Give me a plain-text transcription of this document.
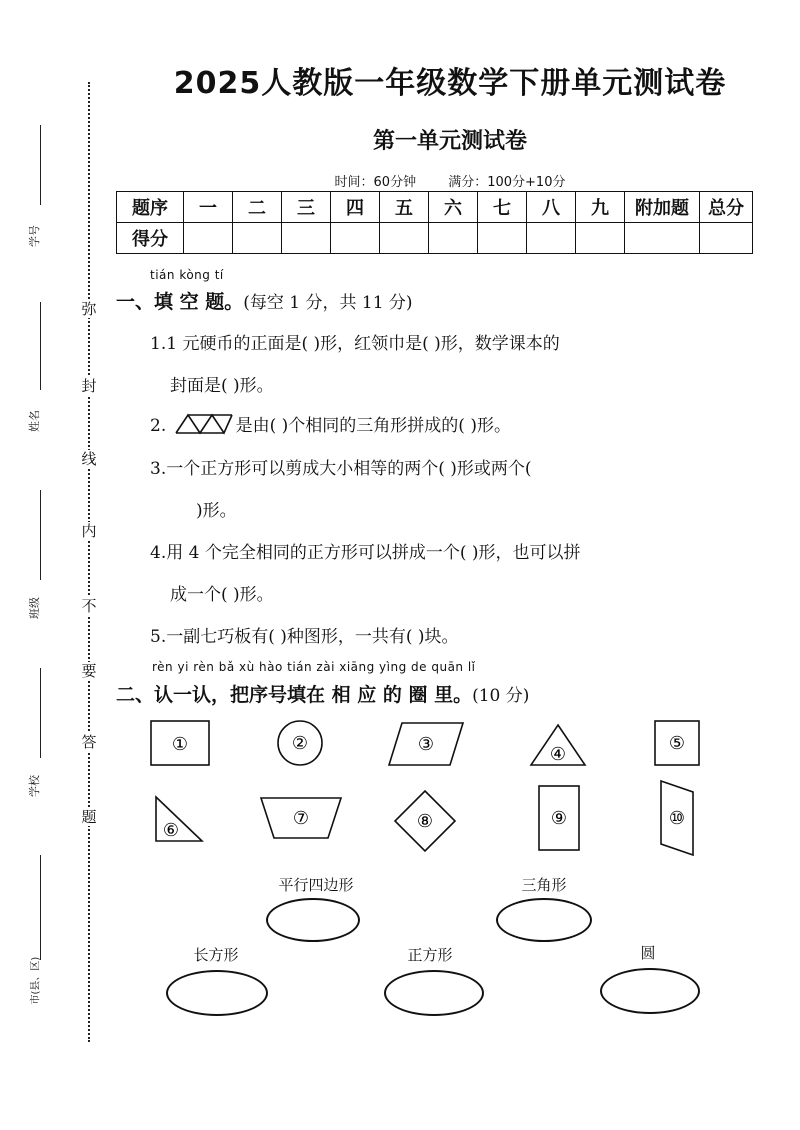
弥
封
线
内
不
要
答
题
学号
姓名
班级
学校
市(县、区)
2025人教版一年级数学下册单元测试卷
第一单元测试卷
时间：60分钟 满分：100分+10分
题序	一	二	三	四	五	六	七	八	九	附加题	总分
得分											
tián kòng tí
一、填 空 题。(每空 1 分，共 11 分)
1.1 元硬币的正面是( )形，红领巾是( )形，数学课本的
封面是( )形。
2.	是由( )个相同的三角形拼成的( )形。
3.一个正方形可以剪成大小相等的两个( )形或两个(
)形。
4.用 4 个完全相同的正方形可以拼成一个( )形，也可以拼
成一个( )形。
5.一副七巧板有( )种图形，一共有( )块。
rèn yi rèn bǎ xù hào tián zài xiāng yìng de quān lǐ
二、认一认，把序号填在 相 应 的 圈 里。(10 分)
①	②	③	④
⑤
⑥
⑦	⑧	⑨	⑩
平行四边形	三角形
长方形	正方形	圆
